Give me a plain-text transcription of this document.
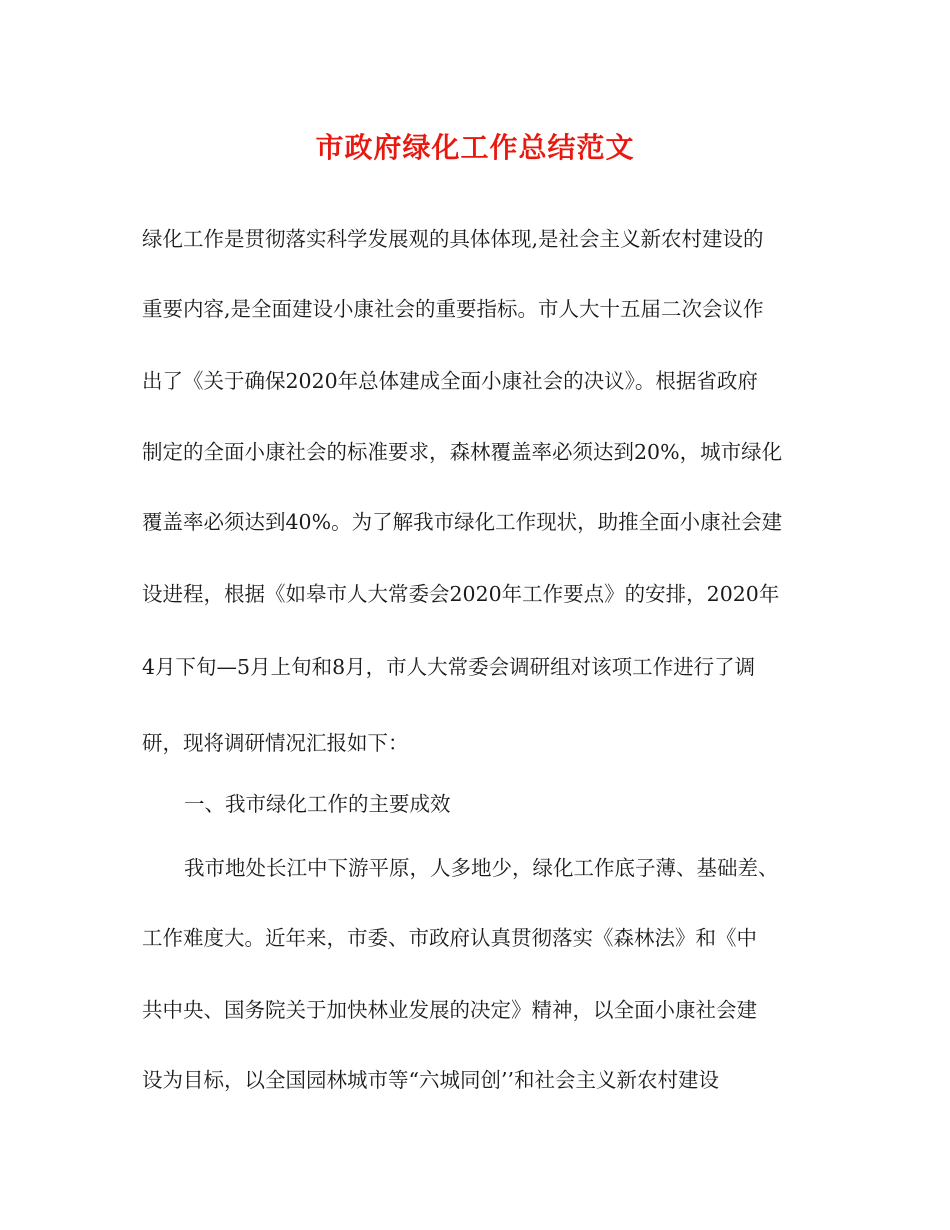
市政府绿化工作总结范文
绿化工作是贯彻落实科学发展观的具体体现,是社会主义新农村建设的
重要内容,是全面建设小康社会的重要指标。市人大十五届二次会议作
出了《关于确保2020年总体建成全面小康社会的决议》。根据省政府
制定的全面小康社会的标准要求，森林覆盖率必须达到20%，城市绿化
覆盖率必须达到40%。为了解我市绿化工作现状，助推全面小康社会建
设进程，根据《如皋市人大常委会2020年工作要点》的安排，2020年
4月下旬—5月上旬和8月，市人大常委会调研组对该项工作进行了调
研，现将调研情况汇报如下：
一、我市绿化工作的主要成效
我市地处长江中下游平原，人多地少，绿化工作底子薄、基础差、
工作难度大。近年来，市委、市政府认真贯彻落实《森林法》和《中
共中央、国务院关于加快林业发展的决定》精神，以全面小康社会建
设为目标，以全国园林城市等“六城同创’’和社会主义新农村建设
